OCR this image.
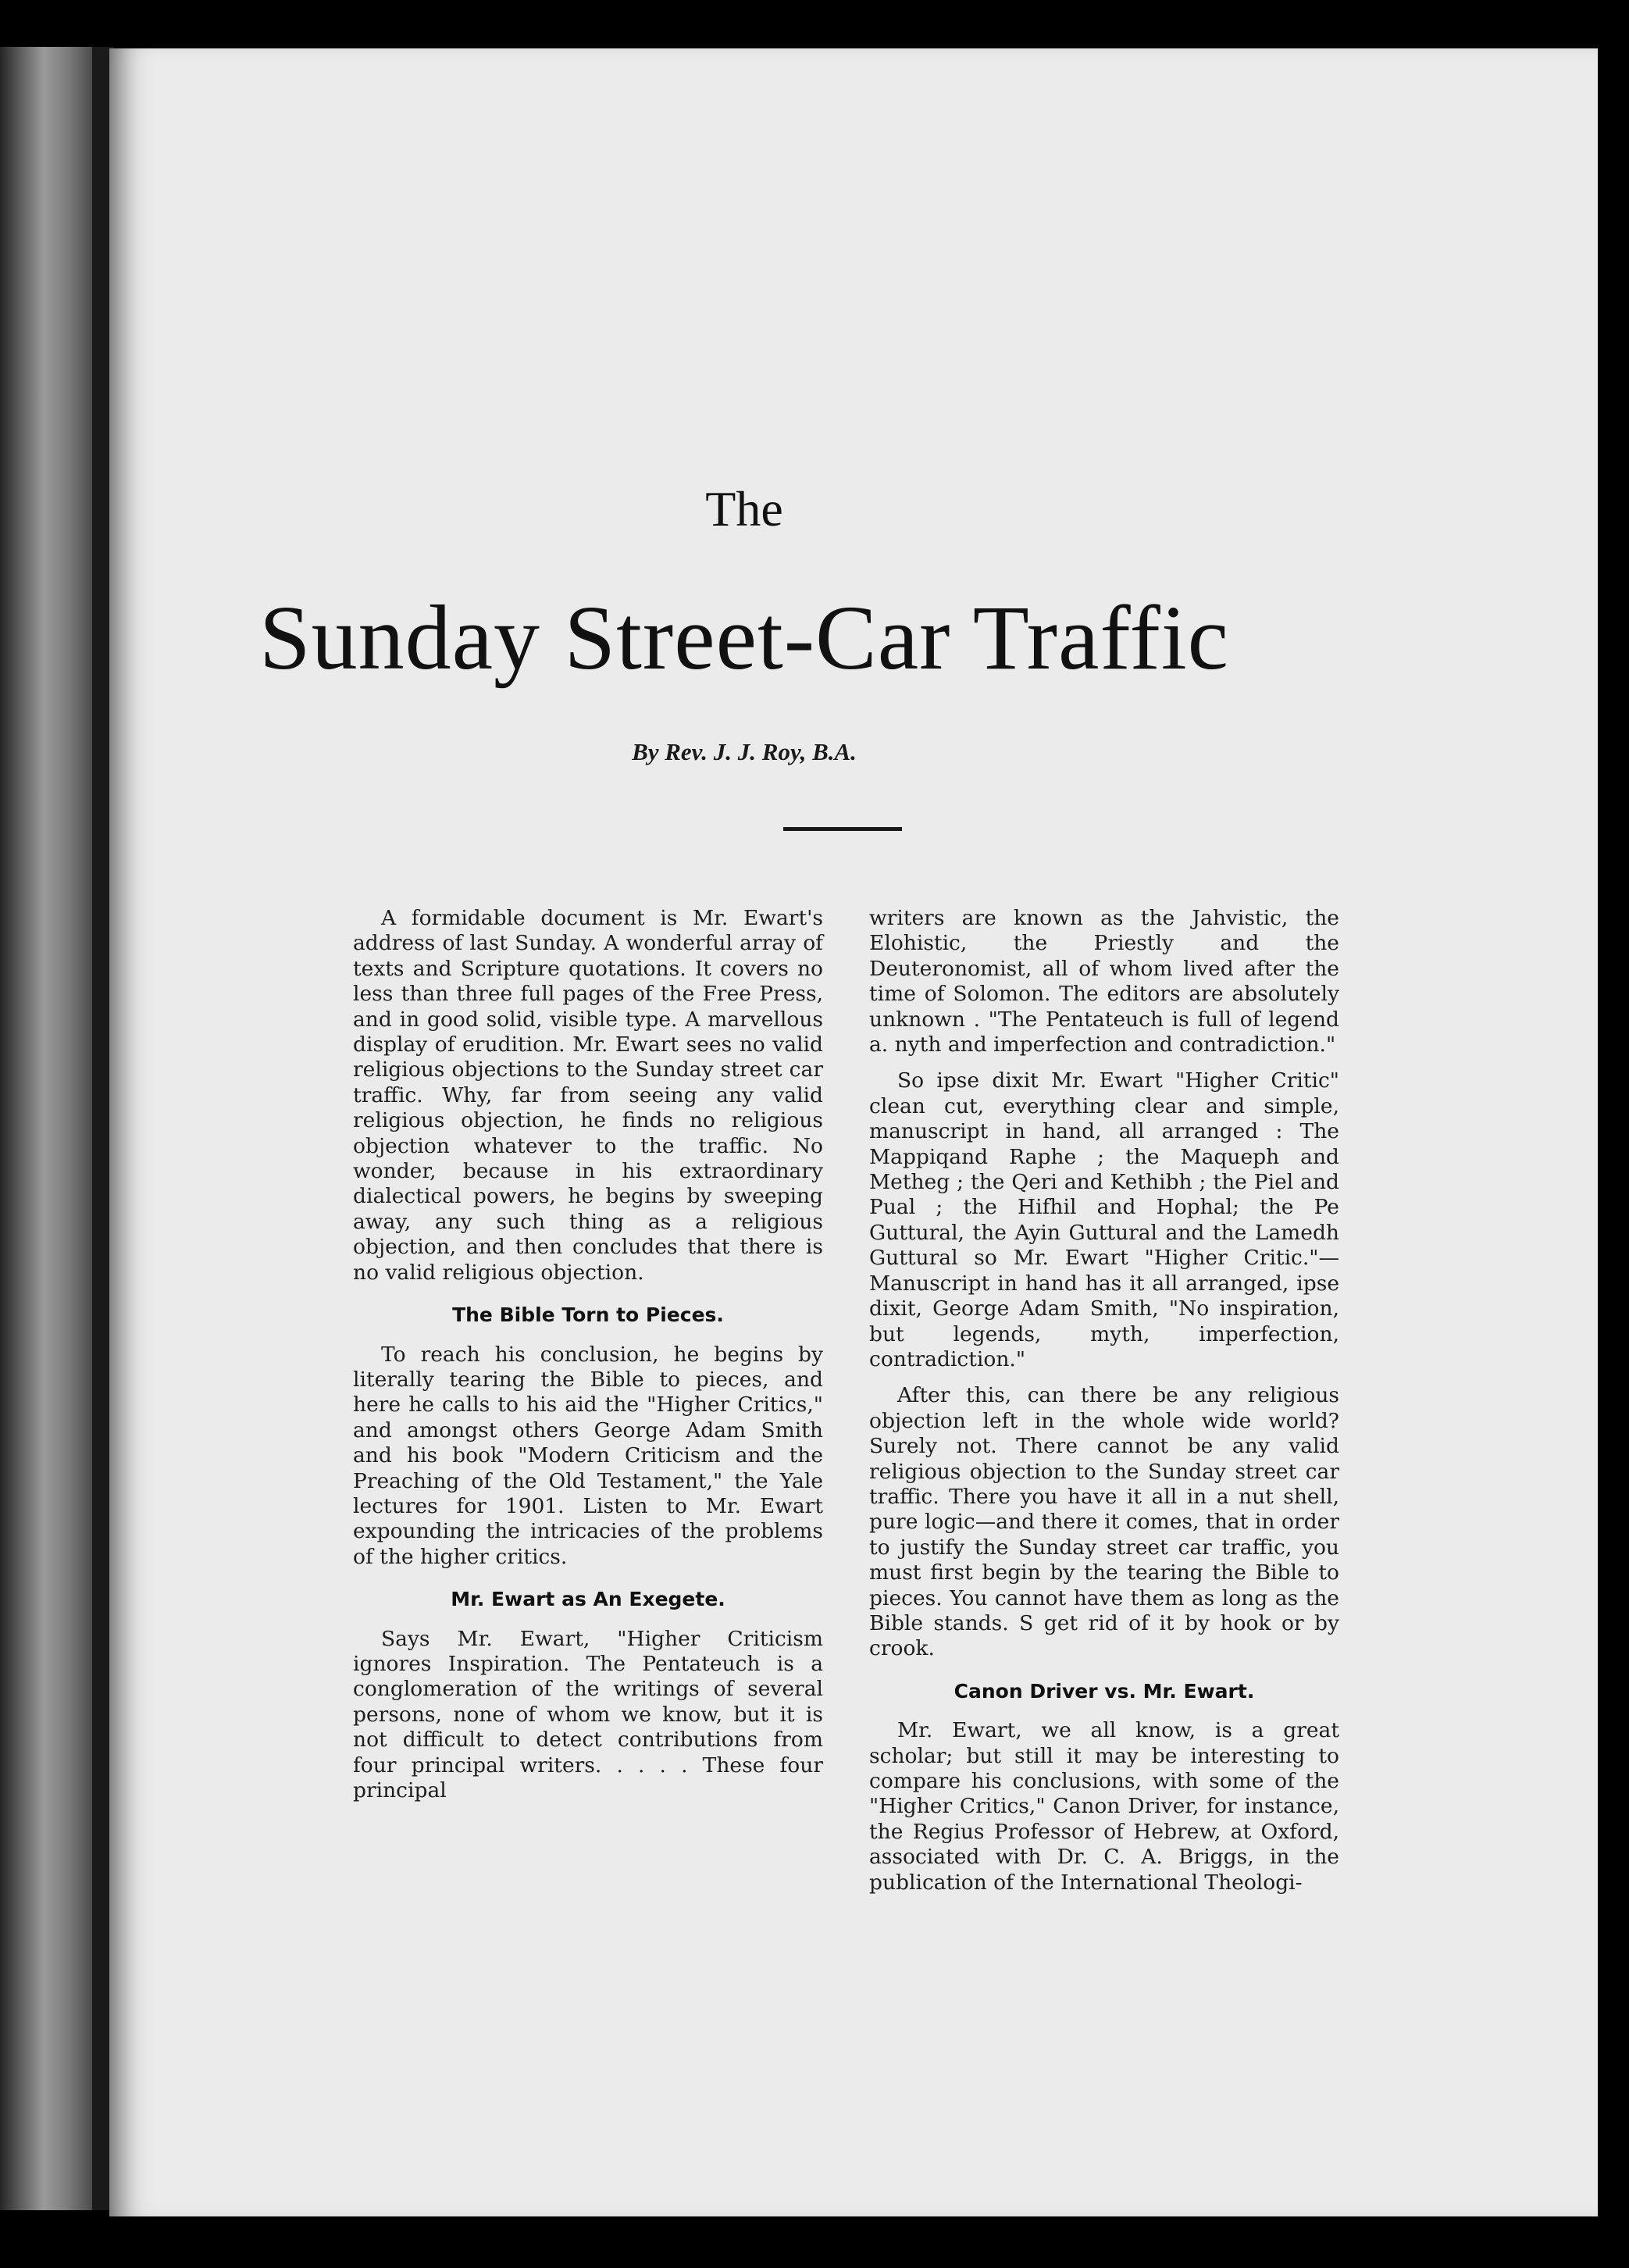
The
Sunday Street-Car Traffic
By Rev. J. J. Roy, B.A.

A formidable document is Mr. Ewart's address of last Sunday. A wonderful array of texts and Scripture quotations. It covers no less than three full pages of the Free Press, and in good solid, visible type. A marvellous display of erudition. Mr. Ewart sees no valid religious objections to the Sunday street car traffic. Why, far from seeing any valid religious objection, he finds no religious objection whatever to the traffic. No wonder, because in his extraordinary dialectical powers, he begins by sweeping away, any such thing as a religious objection, and then concludes that there is no valid religious objection.

The Bible Torn to Pieces.

To reach his conclusion, he begins by literally tearing the Bible to pieces, and here he calls to his aid the "Higher Critics," and amongst others George Adam Smith and his book "Modern Criticism and the Preaching of the Old Testament," the Yale lectures for 1901. Listen to Mr. Ewart expounding the intricacies of the problems of the higher critics.

Mr. Ewart as An Exegete.

Says Mr. Ewart, "Higher Criticism ignores Inspiration. The Pentateuch is a conglomeration of the writings of several persons, none of whom we know, but it is not difficult to detect contributions from four principal writers. . . . . These four principal

writers are known as the Jahvistic, the Elohistic, the Priestly and the Deuteronomist, all of whom lived after the time of Solomon. The editors are absolutely unknown . "The Pentateuch is full of legend a. nyth and imperfection and contradiction."

So ipse dixit Mr. Ewart "Higher Critic" clean cut, everything clear and simple, manuscript in hand, all arranged : The Mappiqand Raphe ; the Maqueph and Metheg ; the Qeri and Kethibh ; the Piel and Pual ; the Hifhil and Hophal; the Pe Guttural, the Ayin Guttural and the Lamedh Guttural so Mr. Ewart "Higher Critic."—Manuscript in hand has it all arranged, ipse dixit, George Adam Smith, "No inspiration, but legends, myth, imperfection, contradiction."

After this, can there be any religious objection left in the whole wide world? Surely not. There cannot be any valid religious objection to the Sunday street car traffic. There you have it all in a nut shell, pure logic—and there it comes, that in order to justify the Sunday street car traffic, you must first begin by the tearing the Bible to pieces. You cannot have them as long as the Bible stands. S get rid of it by hook or by crook.

Canon Driver vs. Mr. Ewart.

Mr. Ewart, we all know, is a great scholar; but still it may be interesting to compare his conclusions, with some of the "Higher Critics," Canon Driver, for instance, the Regius Professor of Hebrew, at Oxford, associated with Dr. C. A. Briggs, in the publication of the International Theologi-
